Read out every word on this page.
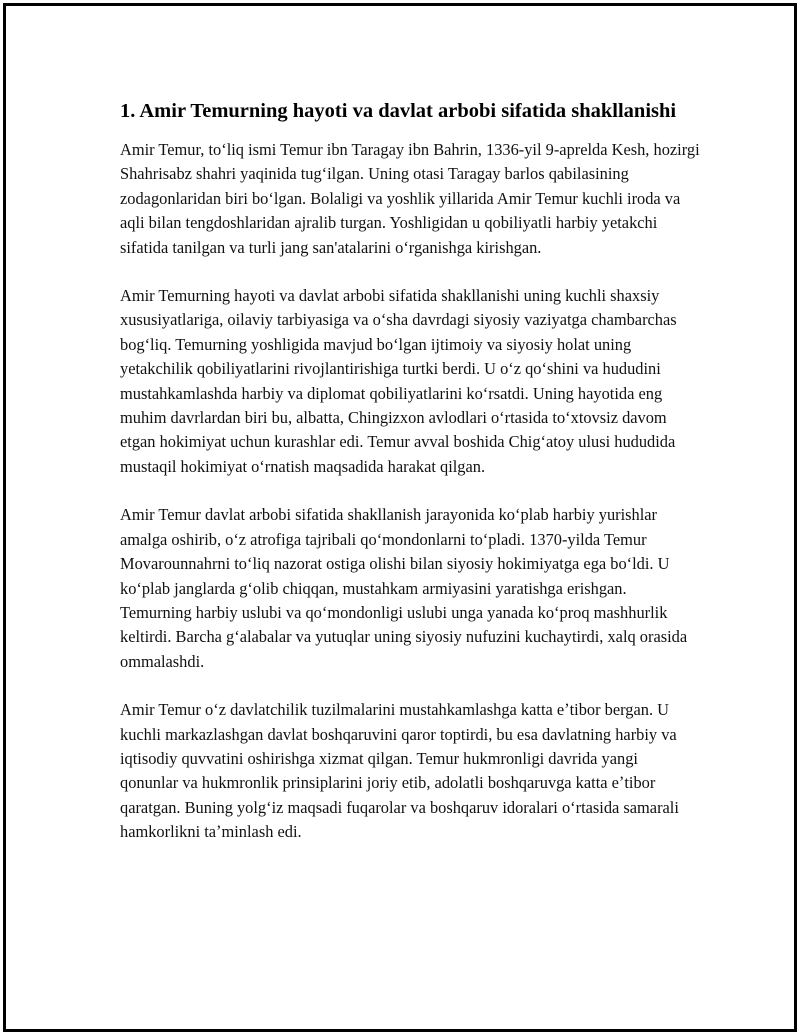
1. Amir Temurning hayoti va davlat arbobi sifatida shakllanishi

Amir Temur, toʻliq ismi Temur ibn Taragay ibn Bahrin, 1336-yil 9-aprelda Kesh, hozirgi Shahrisabz shahri yaqinida tugʻilgan. Uning otasi Taragay barlos qabilasining zodagonlaridan biri boʻlgan. Bolaligi va yoshlik yillarida Amir Temur kuchli iroda va aqli bilan tengdoshlaridan ajralib turgan. Yoshligidan u qobiliyatli harbiy yetakchi sifatida tanilgan va turli jang san'atalarini oʻrganishga kirishgan.

Amir Temurning hayoti va davlat arbobi sifatida shakllanishi uning kuchli shaxsiy xususiyatlariga, oilaviy tarbiyasiga va oʻsha davrdagi siyosiy vaziyatga chambarchas bogʻliq. Temurning yoshligida mavjud boʻlgan ijtimoiy va siyosiy holat uning yetakchilik qobiliyatlarini rivojlantirishiga turtki berdi. U oʻz qoʻshini va hududini mustahkamlashda harbiy va diplomat qobiliyatlarini koʻrsatdi. Uning hayotida eng muhim davrlardan biri bu, albatta, Chingizxon avlodlari oʻrtasida toʻxtovsiz davom etgan hokimiyat uchun kurashlar edi. Temur avval boshida Chigʻatoy ulusi hududida mustaqil hokimiyat oʻrnatish maqsadida harakat qilgan.

Amir Temur davlat arbobi sifatida shakllanish jarayonida koʻplab harbiy yurishlar amalga oshirib, oʻz atrofiga tajribali qoʻmondonlarni toʻpladi. 1370-yilda Temur Movarounnahrni toʻliq nazorat ostiga olishi bilan siyosiy hokimiyatga ega boʻldi. U koʻplab janglarda gʻolib chiqqan, mustahkam armiyasini yaratishga erishgan. Temurning harbiy uslubi va qoʻmondonligi uslubi unga yanada koʻproq mashhurlik keltirdi. Barcha gʻalabalar va yutuqlar uning siyosiy nufuzini kuchaytirdi, xalq orasida ommalashdi.

Amir Temur oʻz davlatchilik tuzilmalarini mustahkamlashga katta eʼtibor bergan. U kuchli markazlashgan davlat boshqaruvini qaror toptirdi, bu esa davlatning harbiy va iqtisodiy quvvatini oshirishga xizmat qilgan. Temur hukmronligi davrida yangi qonunlar va hukmronlik prinsiplarini joriy etib, adolatli boshqaruvga katta eʼtibor qaratgan. Buning yolgʻiz maqsadi fuqarolar va boshqaruv idoralari oʻrtasida samarali hamkorlikni taʼminlash edi.
